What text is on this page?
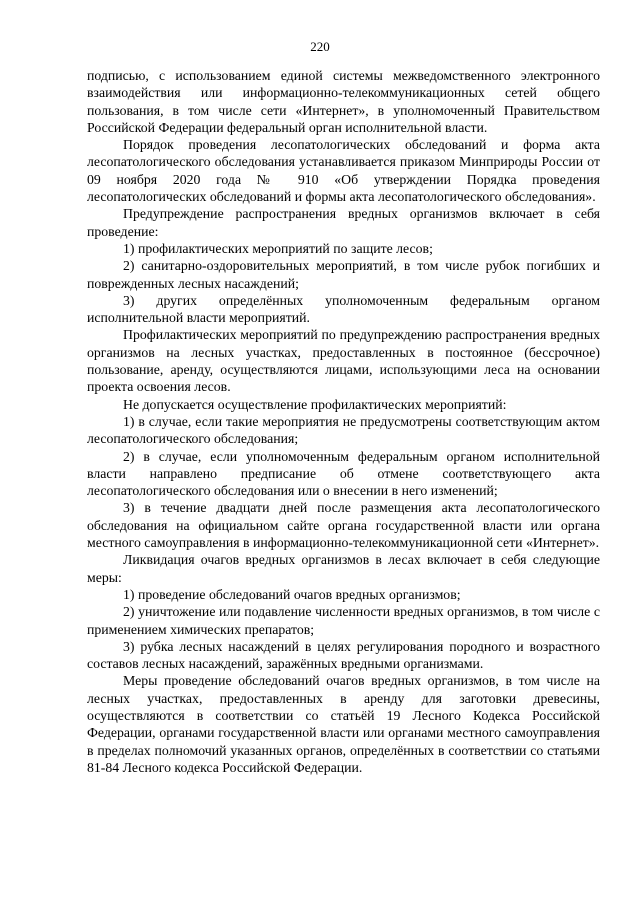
220

подписью, с использованием единой системы межведомственного электронного взаимодействия или информационно-телекоммуникационных сетей общего пользования, в том числе сети «Интернет», в уполномоченный Правительством Российской Федерации федеральный орган исполнительной власти.

Порядок проведения лесопатологических обследований и форма акта лесопатологического обследования устанавливается приказом Минприроды России от 09 ноября 2020 года № 910 «Об утверждении Порядка проведения лесопатологических обследований и формы акта лесопатологического обследования».

Предупреждение распространения вредных организмов включает в себя проведение:

1) профилактических мероприятий по защите лесов;

2) санитарно-оздоровительных мероприятий, в том числе рубок погибших и поврежденных лесных насаждений;

3) других определённых уполномоченным федеральным органом исполнительной власти мероприятий.

Профилактических мероприятий по предупреждению распространения вредных организмов на лесных участках, предоставленных в постоянное (бессрочное) пользование, аренду, осуществляются лицами, использующими леса на основании проекта освоения лесов.

Не допускается осуществление профилактических мероприятий:

1) в случае, если такие мероприятия не предусмотрены соответствующим актом лесопатологического обследования;

2) в случае, если уполномоченным федеральным органом исполнительной власти направлено предписание об отмене соответствующего акта лесопатологического обследования или о внесении в него изменений;

3) в течение двадцати дней после размещения акта лесопатологического обследования на официальном сайте органа государственной власти или органа местного самоуправления в информационно-телекоммуникационной сети «Интернет».

Ликвидация очагов вредных организмов в лесах включает в себя следующие меры:

1) проведение обследований очагов вредных организмов;

2) уничтожение или подавление численности вредных организмов, в том числе с применением химических препаратов;

3) рубка лесных насаждений в целях регулирования породного и возрастного составов лесных насаждений, заражённых вредными организмами.

Меры проведение обследований очагов вредных организмов, в том числе на лесных участках, предоставленных в аренду для заготовки древесины, осуществляются в соответствии со статьёй 19 Лесного Кодекса Российской Федерации, органами государственной власти или органами местного самоуправления в пределах полномочий указанных органов, определённых в соответствии со статьями 81-84 Лесного кодекса Российской Федерации.
